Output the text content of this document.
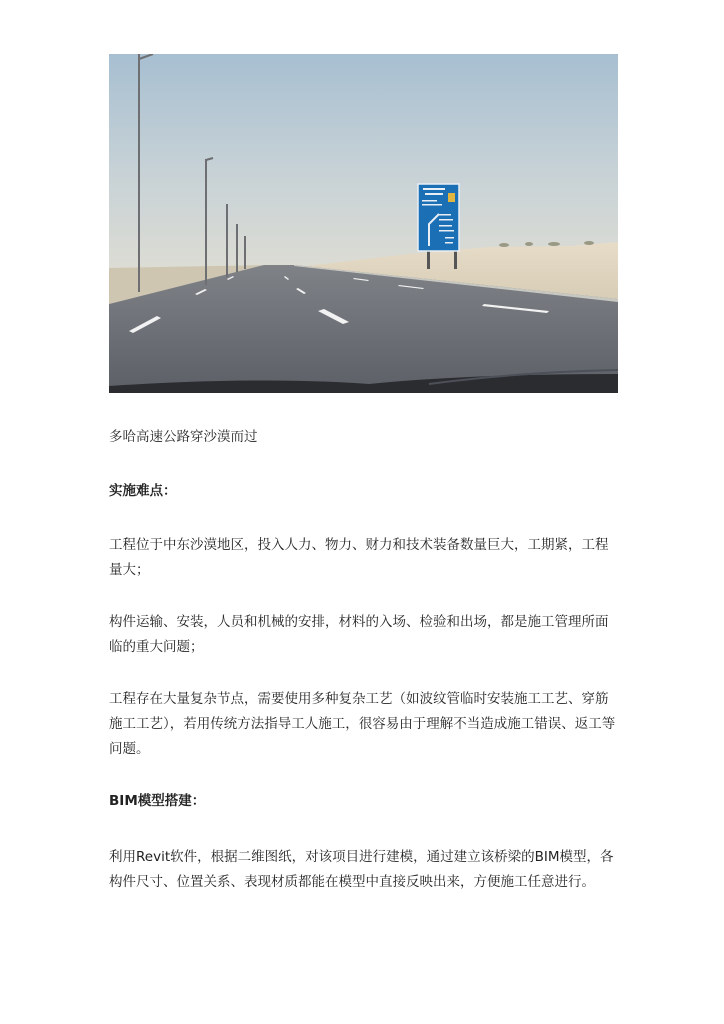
多哈高速公路穿沙漠而过

实施难点：

工程位于中东沙漠地区，投入人力、物力、财力和技术装备数量巨大，工期紧，工程量大；

构件运输、安装，人员和机械的安排，材料的入场、检验和出场，都是施工管理所面临的重大问题；

工程存在大量复杂节点，需要使用多种复杂工艺（如波纹管临时安装施工工艺、穿筋施工工艺），若用传统方法指导工人施工，很容易由于理解不当造成施工错误、返工等问题。

BIM模型搭建：

利用Revit软件，根据二维图纸，对该项目进行建模，通过建立该桥梁的BIM模型，各构件尺寸、位置关系、表现材质都能在模型中直接反映出来，方便施工任意进行。
